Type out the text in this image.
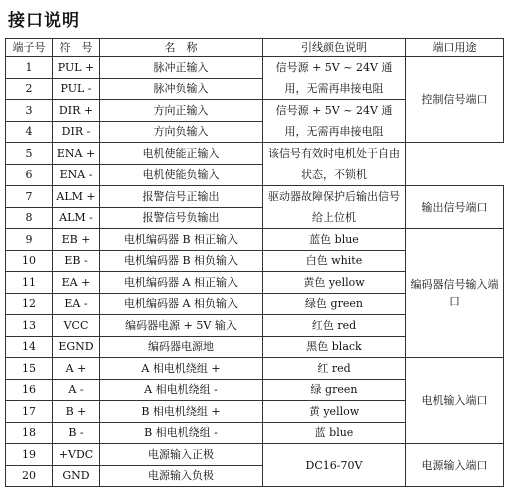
接口说明
端子号	符　号	名　称	引线颜色说明	端口用途
1	PUL +	脉冲正输入	信号源 + 5V ~ 24V 通用，无需再串接电阻	控制信号端口
2	PUL -	脉冲负输入		
3	DIR +	方向正输入	信号源 + 5V ~ 24V 通用，无需再串接电阻	
4	DIR -	方向负输入		
5	ENA +	电机使能正输入	该信号有效时电机处于自由状态，不锁机	
6	ENA -	电机使能负输入		
7	ALM +	报警信号正输出	驱动器故障保护后输出信号给上位机	输出信号端口
8	ALM -	报警信号负输出		
9	EB +	电机编码器 B 相正输入	蓝色 blue	编码器信号输入端口
10	EB -	电机编码器 B 相负输入	白色 white	
11	EA +	电机编码器 A 相正输入	黄色 yellow	
12	EA -	电机编码器 A 相负输入	绿色 green	
13	VCC	编码器电源 + 5V 输入	红色 red	
14	EGND	编码器电源地	黑色 black	
15	A +	A 相电机绕组 +	红 red	电机输入端口
16	A -	A 相电机绕组 -	绿 green	
17	B +	B 相电机绕组 +	黄 yellow	
18	B -	B 相电机绕组 -	蓝 blue	
19	+VDC	电源输入正极	DC16-70V	电源输入端口
20	GND	电源输入负极		
